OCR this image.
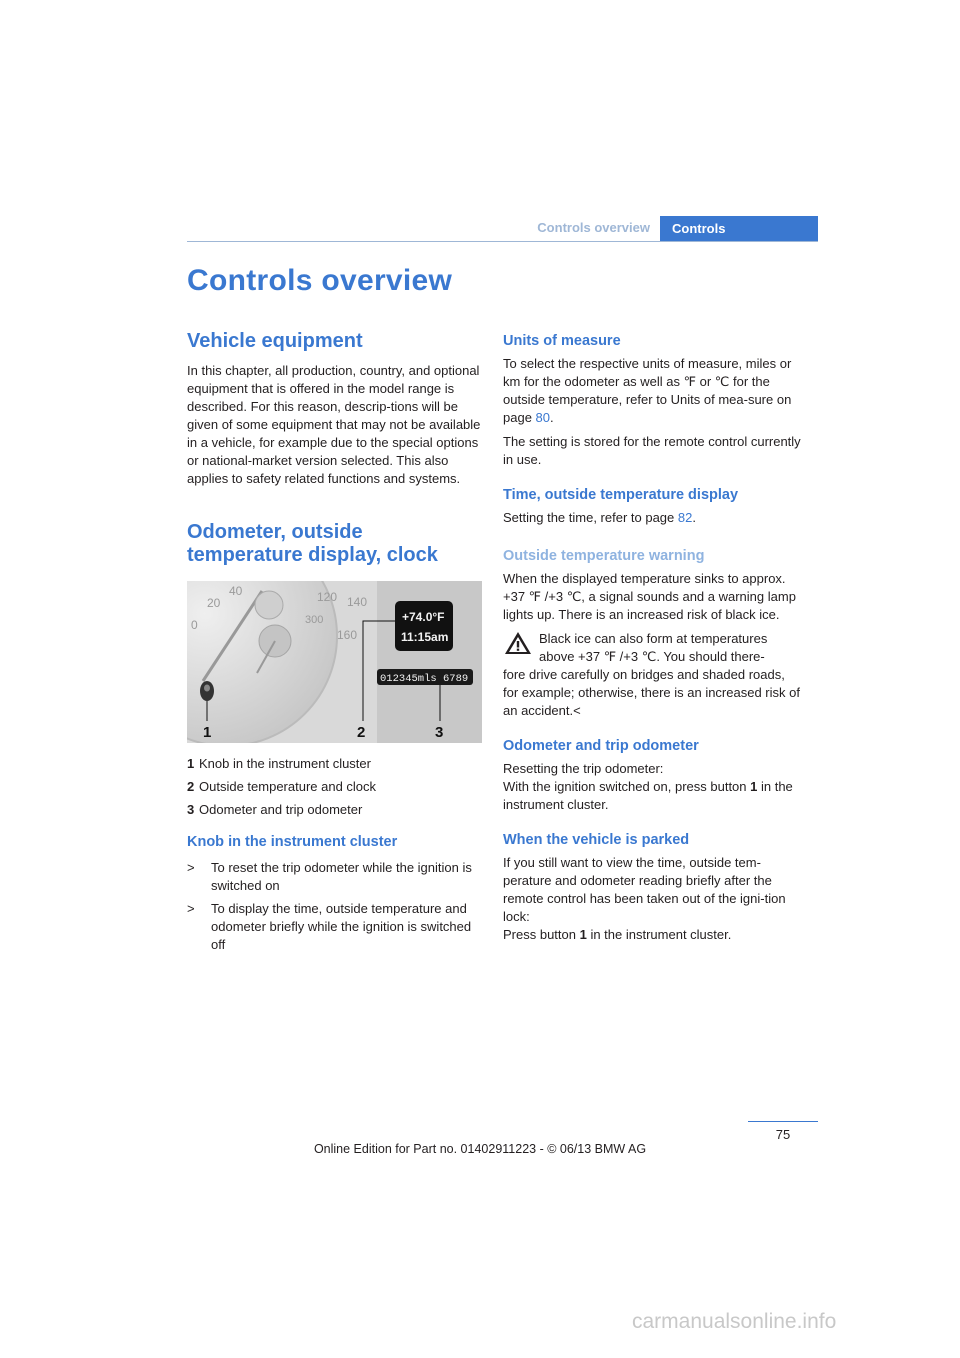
Controls overview Controls
Controls overview
Vehicle equipment

In this chapter, all production, country, and optional equipment that is offered in the model range is described. For this reason, descrip-tions will be given of some equipment that may not be available in a vehicle, for example due to the special options or national-market version selected. This also applies to safety related functions and systems.

Odometer, outside
temperature display, clock
20
40
0
120 140
160
300	+74.0°F
11:15am
012345mls 6789
1	2	3
1 Knob in the instrument cluster
2 Outside temperature and clock
3 Odometer and trip odometer
Knob in the instrument cluster
>	To reset the trip odometer while the ignition is switched on
>	To display the time, outside temperature and odometer briefly while the ignition is switched off
Units of measure

To select the respective units of measure, miles or km for the odometer as well as ℉ or ℃ for the outside temperature, refer to Units of mea-sure on page 80.

The setting is stored for the remote control currently in use.

Time, outside temperature display

Setting the time, refer to page 82.

Outside temperature warning

When the displayed temperature sinks to approx. +37 ℉ /+3 ℃, a signal sounds and a warning lamp lights up. There is an increased risk of black ice.

Black ice can also form at temperatures
above +37 ℉ /+3 ℃. You should there-

fore drive carefully on bridges and shaded roads, for example; otherwise, there is an increased risk of an accident.<

Odometer and trip odometer

Resetting the trip odometer:

With the ignition switched on, press button 1 in the instrument cluster.

When the vehicle is parked

If you still want to view the time, outside tem-perature and odometer reading briefly after the remote control has been taken out of the igni-tion lock:

Press button 1 in the instrument cluster.

75
Online Edition for Part no. 01402911223 - © 06/13 BMW AG
carmanualsonline.info
